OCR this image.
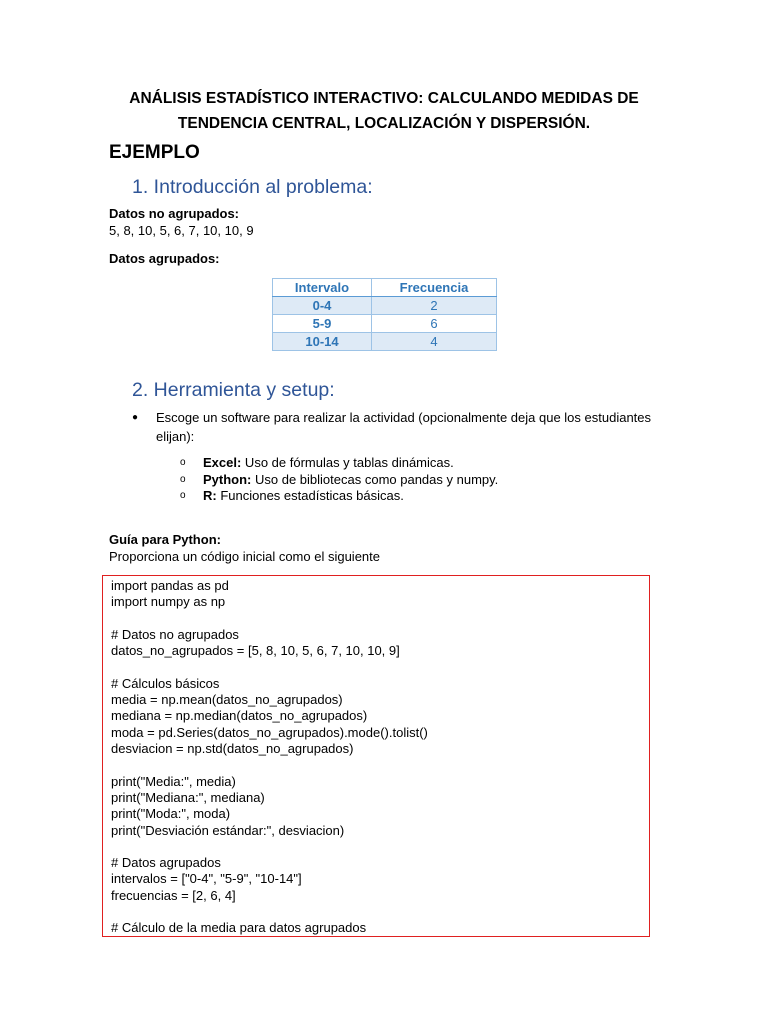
ANÁLISIS ESTADÍSTICO INTERACTIVO: CALCULANDO MEDIDAS DE
TENDENCIA CENTRAL, LOCALIZACIÓN Y DISPERSIÓN.
EJEMPLO
1. Introducción al problema:
Datos no agrupados:
5, 8, 10, 5, 6, 7, 10, 10, 9
Datos agrupados:
Intervalo	Frecuencia
0-4	2
5-9	6
10-14	4
2. Herramienta y setup:
● Escoge un software para realizar la actividad (opcionalmente deja que los estudiantes elijan):
o Excel: Uso de fórmulas y tablas dinámicas.
o Python: Uso de bibliotecas como pandas y numpy.
o R: Funciones estadísticas básicas.
Guía para Python:
Proporciona un código inicial como el siguiente
import pandas as pd
import numpy as np
# Datos no agrupados
datos_no_agrupados = [5, 8, 10, 5, 6, 7, 10, 10, 9]
# Cálculos básicos
media = np.mean(datos_no_agrupados)
mediana = np.median(datos_no_agrupados)
moda = pd.Series(datos_no_agrupados).mode().tolist()
desviacion = np.std(datos_no_agrupados)
print("Media:", media)
print("Mediana:", mediana)
print("Moda:", moda)
print("Desviación estándar:", desviacion)
# Datos agrupados
intervalos = ["0-4", "5-9", "10-14"]
frecuencias = [2, 6, 4]
# Cálculo de la media para datos agrupados
